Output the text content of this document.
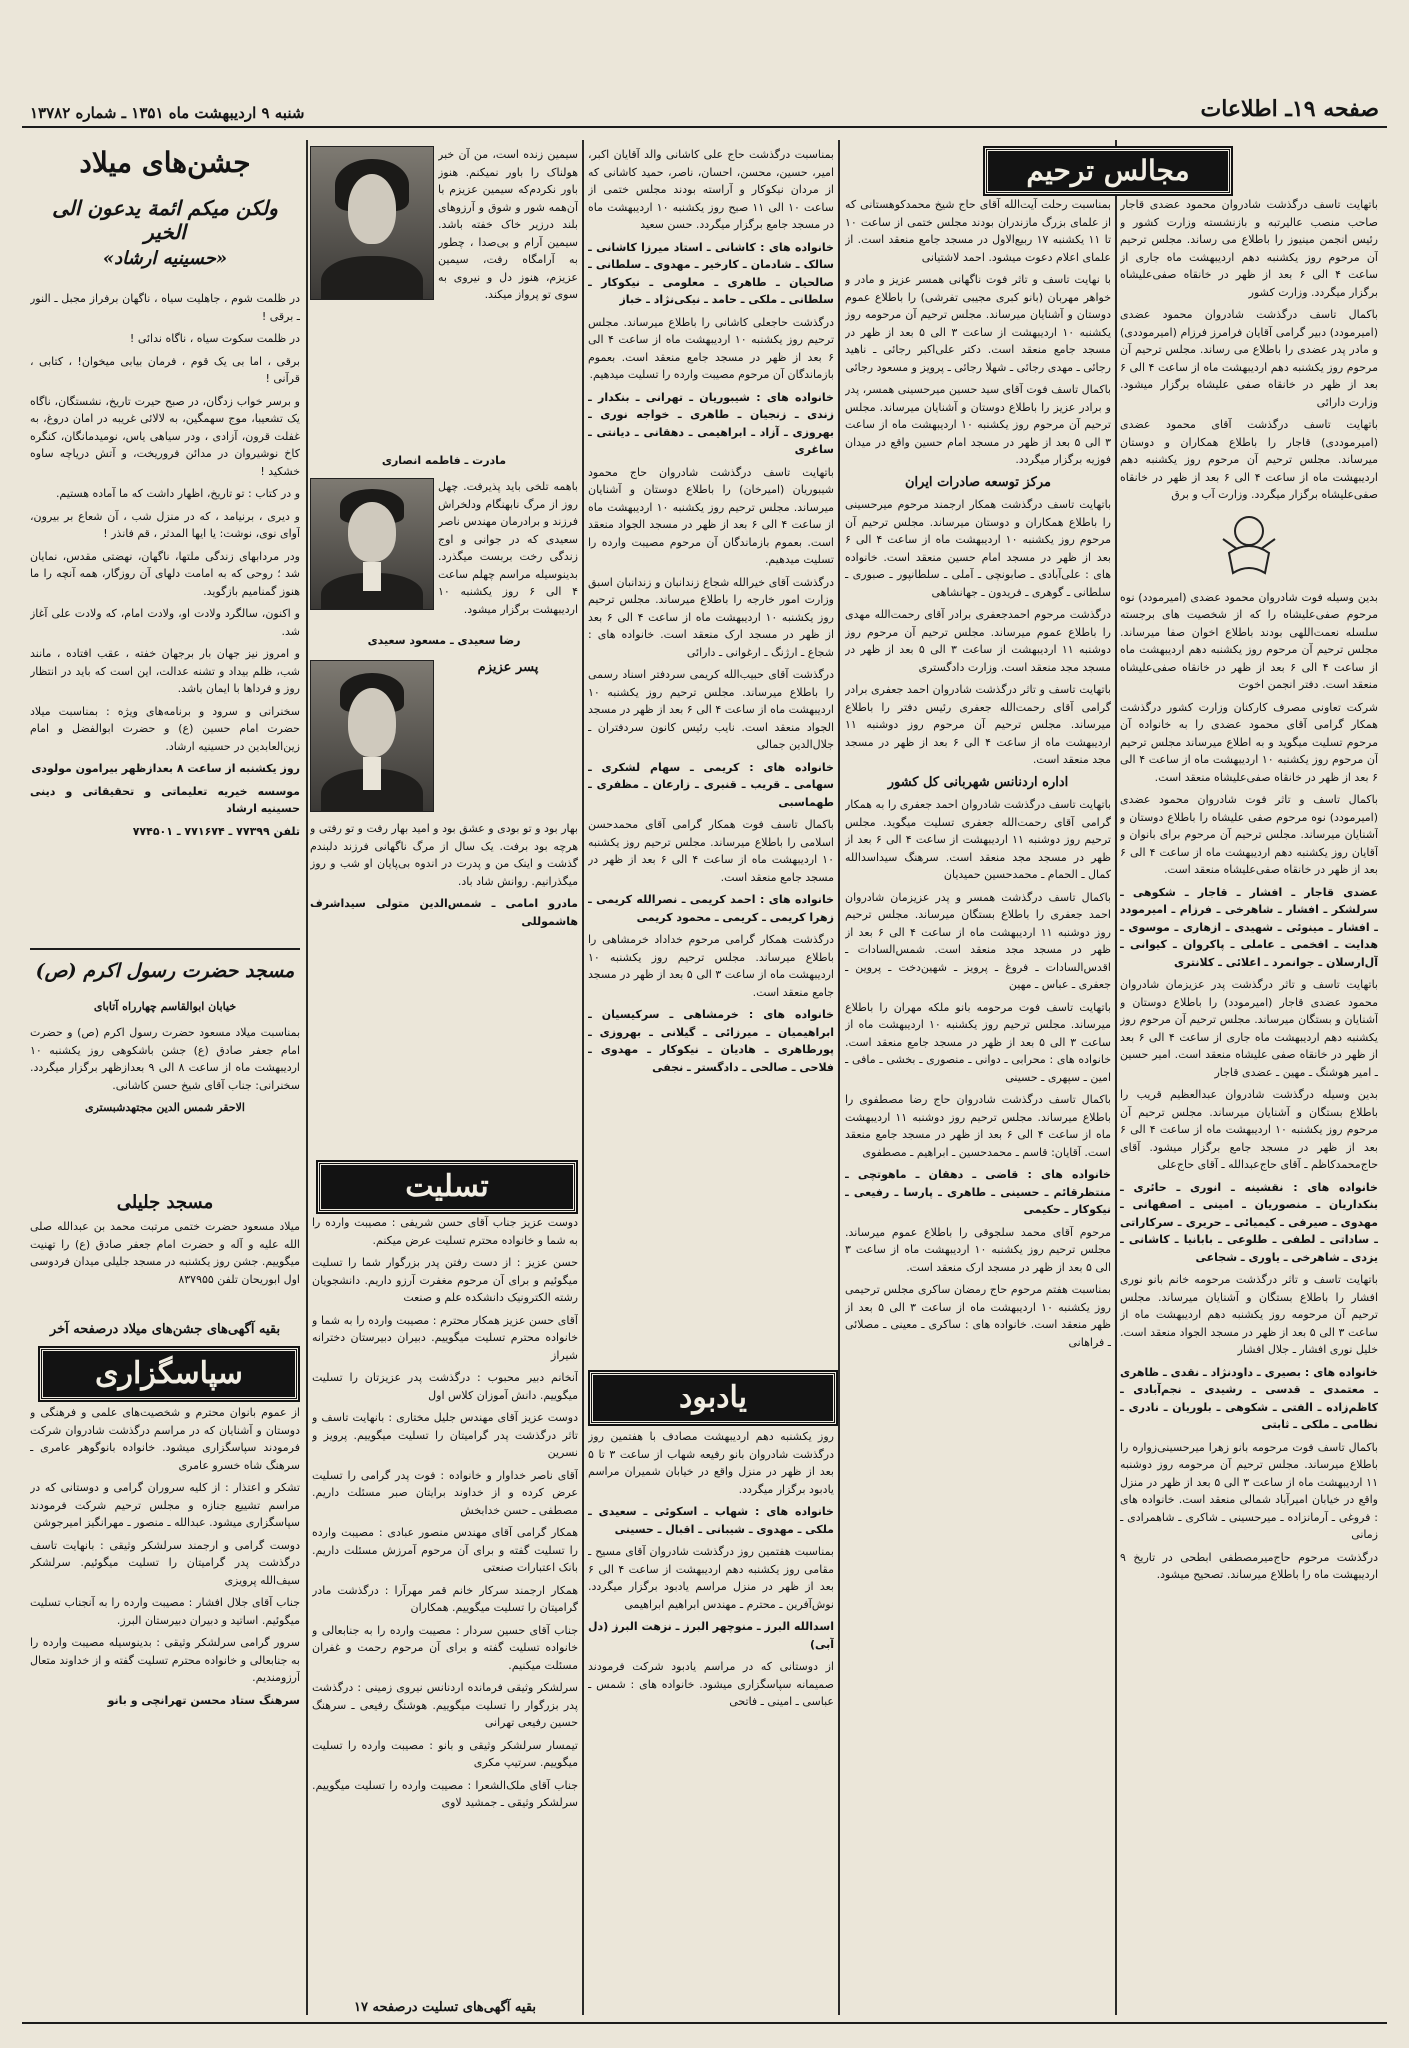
صفحه ۱۹ـ اطلاعات
شنبه ۹ اردیبهشت ماه ۱۳۵۱ ـ شماره ۱۳۷۸۲

باتهایت تاسف درگذشت شادروان محمود عضدی قاجار صاحب منصب عالیرتبه و بازنشسته وزارت کشور و رئیس انجمن مینیوز را باطلاع می رساند. مجلس ترحیم آن مرحوم روز یکشنبه دهم اردیبهشت ماه جاری از ساعت ۴ الی ۶ بعد از ظهر در خانقاه صفی‌علیشاه برگزار میگردد. وزارت کشور

باکمال تاسف درگذشت شادروان محمود عضدی (امیرمودد) دبیر گرامی آقایان فرامرز فرزام (امیرموددی) و مادر پدر عضدی را باطلاع می رساند. مجلس ترحیم آن مرحوم روز یکشنبه دهم اردیبهشت ماه از ساعت ۴ الی ۶ بعد از ظهر در خانقاه صفی علیشاه برگزار میشود. وزارت دارائی

باتهایت تاسف درگذشت آقای محمود عضدی (امیرموددی) قاجار را باطلاع همکاران و دوستان میرساند. مجلس ترحیم آن مرحوم روز یکشنبه دهم اردیبهشت ماه از ساعت ۴ الی ۶ بعد از ظهر در خانقاه صفی‌علیشاه برگزار میگردد. وزارت آب و برق

بدین وسیله فوت شادروان محمود عضدی (امیرمودد) نوه مرحوم صفی‌علیشاه را که از شخصیت های برجسته سلسله نعمت‌اللهی بودند باطلاع اخوان صفا میرساند. مجلس ترحیم آن مرحوم روز یکشنبه دهم اردیبهشت ماه از ساعت ۴ الی ۶ بعد از ظهر در خانقاه صفی‌علیشاه منعقد است. دفتر انجمن اخوت

شرکت تعاونی مصرف کارکنان وزارت کشور درگذشت همکار گرامی آقای محمود عضدی را به خانواده آن مرحوم تسلیت میگوید و به اطلاع میرساند مجلس ترحیم آن مرحوم روز یکشنبه ۱۰ اردیبهشت ماه از ساعت ۴ الی ۶ بعد از ظهر در خانقاه صفی‌علیشاه منعقد است.

باکمال تاسف و تاثر فوت شادروان محمود عضدی (امیرمودد) نوه مرحوم صفی علیشاه را باطلاع دوستان و آشنایان میرساند. مجلس ترحیم آن مرحوم برای بانوان و آقایان روز یکشنبه دهم اردیبهشت ماه از ساعت ۴ الی ۶ بعد از ظهر در خانقاه صفی‌علیشاه منعقد است.

عضدی قاجار ـ افشار ـ قاجار ـ شکوهی ـ سرلشکر ـ افشار ـ شاهرخی ـ فرزام ـ امیرمودد ـ افشار ـ مینوئی ـ شهیدی ـ ازهاری ـ موسوی ـ هدایت ـ افخمی ـ عاملی ـ پاکروان ـ کیوانی ـ آل‌ارسلان ـ جوانمرد ـ اعلائی ـ کلانتری

باتهایت تاسف و تاثر درگذشت پدر عزیزمان شادروان محمود عضدی قاجار (امیرمودد) را باطلاع دوستان و آشنایان و بستگان میرساند. مجلس ترحیم آن مرحوم روز یکشنبه دهم اردیبهشت ماه جاری از ساعت ۴ الی ۶ بعد از ظهر در خانقاه صفی علیشاه منعقد است. امیر حسین ـ امیر هوشنگ ـ مهین ـ عضدی قاجار

بدین وسیله درگذشت شادروان عبدالعظیم قریب را باطلاع بستگان و آشنایان میرساند. مجلس ترحیم آن مرحوم روز یکشنبه ۱۰ اردیبهشت ماه از ساعت ۴ الی ۶ بعد از ظهر در مسجد جامع برگزار میشود. آقای حاج‌محمدکاظم ـ آقای حاج‌عبدالله ـ آقای حاج‌علی

خانواده های : نقشینه ـ انوری ـ حائری ـ بنکداریان ـ منصوریان ـ امینی ـ اصفهانی ـ مهدوی ـ صیرفی ـ کیمیائی ـ حریری ـ سرکاراتی ـ ساداتی ـ لطفی ـ طلوعی ـ بابانیا ـ کاشانی ـ یزدی ـ شاهرخی ـ یاوری ـ شجاعی

باتهایت تاسف و تاثر درگذشت مرحومه خانم بانو نوری افشار را باطلاع بستگان و آشنایان میرساند. مجلس ترحیم آن مرحومه روز یکشنبه دهم اردیبهشت ماه از ساعت ۳ الی ۵ بعد از ظهر در مسجد الجواد منعقد است. خلیل نوری افشار ـ جلال افشار

خانواده های : بصیری ـ داودنژاد ـ نقدی ـ ظاهری ـ معتمدی ـ قدسی ـ رشیدی ـ نجم‌آبادی ـ کاظم‌زاده ـ الفتی ـ شکوهی ـ بلوریان ـ نادری ـ نظامی ـ ملکی ـ ثابتی

باکمال تاسف فوت مرحومه بانو زهرا میرحسینی‌زواره را باطلاع میرساند. مجلس ترحیم آن مرحومه روز دوشنبه ۱۱ اردیبهشت ماه از ساعت ۳ الی ۵ بعد از ظهر در منزل واقع در خیابان امیرآباد شمالی منعقد است. خانواده های : فروغی ـ آرمانزاده ـ میرحسینی ـ شاکری ـ شاهمرادی ـ زمانی

درگذشت مرحوم حاج‌میرمصطفی ابطحی در تاریخ ۹ اردیبهشت ماه را باطلاع میرساند. تصحیح میشود.

مجالس ترحیم

بمناسبت رحلت آیت‌الله آقای حاج شیخ محمدکوهستانی که از علمای بزرگ مازندران بودند مجلس ختمی از ساعت ۱۰ تا ۱۱ یکشنبه ۱۷ ربیع‌الاول در مسجد جامع منعقد است. از علمای اعلام دعوت میشود. احمد لاشتیانی

با نهایت تاسف و تاثر فوت ناگهانی همسر عزیز و مادر و خواهر مهربان (بانو کبری مجیبی تفرشی) را باطلاع عموم دوستان و آشنایان میرساند. مجلس ترحیم آن مرحومه روز یکشنبه ۱۰ اردیبهشت از ساعت ۳ الی ۵ بعد از ظهر در مسجد جامع منعقد است. دکتر علی‌اکبر رجائی ـ ناهید رجائی ـ مهدی رجائی ـ شهلا رجائی ـ پرویز و مسعود رجائی

باکمال تاسف فوت آقای سید حسین میرحسینی همسر، پدر و برادر عزیز را باطلاع دوستان و آشنایان میرساند. مجلس ترحیم آن مرحوم روز یکشنبه ۱۰ اردیبهشت ماه از ساعت ۳ الی ۵ بعد از ظهر در مسجد امام حسین واقع در میدان فوزیه برگزار میگردد.

مرکز توسعه صادرات ایران

باتهایت تاسف درگذشت همکار ارجمند مرحوم میرحسینی را باطلاع همکاران و دوستان میرساند. مجلس ترحیم آن مرحوم روز یکشنبه ۱۰ اردیبهشت ماه از ساعت ۴ الی ۶ بعد از ظهر در مسجد امام حسین منعقد است. خانواده های : علی‌آبادی ـ صابونچی ـ آملی ـ سلطانپور ـ صبوری ـ سلطانی ـ گوهری ـ فریدون ـ جهانشاهی

درگذشت مرحوم احمدجعفری برادر آقای رحمت‌الله مهدی را باطلاع عموم میرساند. مجلس ترحیم آن مرحوم روز دوشنبه ۱۱ اردیبهشت از ساعت ۳ الی ۵ بعد از ظهر در مسجد مجد منعقد است. وزارت دادگستری

باتهایت تاسف و تاثر درگذشت شادروان احمد جعفری برادر گرامی آقای رحمت‌الله جعفری رئیس دفتر را باطلاع میرساند. مجلس ترحیم آن مرحوم روز دوشنبه ۱۱ اردیبهشت ماه از ساعت ۴ الی ۶ بعد از ظهر در مسجد مجد منعقد است.

اداره اردنانس شهربانی کل کشور

باتهایت تاسف درگذشت شادروان احمد جعفری را به همکار گرامی آقای رحمت‌الله جعفری تسلیت میگوید. مجلس ترحیم روز دوشنبه ۱۱ اردیبهشت از ساعت ۴ الی ۶ بعد از ظهر در مسجد مجد منعقد است. سرهنگ سیداسدالله کمال ـ الحمام ـ محمدحسین حمیدیان

باکمال تاسف درگذشت همسر و پدر عزیزمان شادروان احمد جعفری را باطلاع بستگان میرساند. مجلس ترحیم روز دوشنبه ۱۱ اردیبهشت ماه از ساعت ۴ الی ۶ بعد از ظهر در مسجد مجد منعقد است. شمس‌السادات ـ اقدس‌السادات ـ فروغ ـ پرویز ـ شهین‌دخت ـ پروین ـ جعفری ـ عباس ـ مهین

باتهایت تاسف فوت مرحومه بانو ملکه مهران را باطلاع میرساند. مجلس ترحیم روز یکشنبه ۱۰ اردیبهشت ماه از ساعت ۳ الی ۵ بعد از ظهر در مسجد جامع منعقد است. خانواده های : محرابی ـ دوانی ـ منصوری ـ بخشی ـ مافی ـ امین ـ سپهری ـ حسینی

باکمال تاسف درگذشت شادروان حاج رضا مصطفوی را باطلاع میرساند. مجلس ترحیم روز دوشنبه ۱۱ اردیبهشت ماه از ساعت ۴ الی ۶ بعد از ظهر در مسجد جامع منعقد است. آقایان: قاسم ـ محمدحسین ـ ابراهیم ـ مصطفوی

خانواده های : قاضی ـ دهقان ـ ماهوتچی ـ منتظرقائم ـ حسینی ـ طاهری ـ پارسا ـ رفیعی ـ نیکوکار ـ حکیمی

مرحوم آقای محمد سلجوقی را باطلاع عموم میرساند. مجلس ترحیم روز یکشنبه ۱۰ اردیبهشت ماه از ساعت ۳ الی ۵ بعد از ظهر در مسجد ارک منعقد است.

بمناسبت هفتم مرحوم حاج رمضان ساکری مجلس ترحیمی روز یکشنبه ۱۰ اردیبهشت ماه از ساعت ۳ الی ۵ بعد از ظهر منعقد است. خانواده های : ساکری ـ معینی ـ مصلائی ـ فراهانی

بمناسبت درگذشت حاج علی کاشانی والد آقایان اکبر، امیر، حسین، محسن، احسان، ناصر، حمید کاشانی که از مردان نیکوکار و آراسته بودند مجلس ختمی از ساعت ۱۰ الی ۱۱ صبح روز یکشنبه ۱۰ اردیبهشت ماه در مسجد جامع برگزار میگردد. حسن سعید

خانواده های : کاشانی ـ استاد میرزا کاشانی ـ سالک ـ شادمان ـ کارخیر ـ مهدوی ـ سلطانی ـ صالحیان ـ طاهری ـ معلومی ـ نیکوکار ـ سلطانی ـ ملکی ـ حامد ـ نیکی‌نژاد ـ خباز

درگذشت حاجعلی کاشانی را باطلاع میرساند. مجلس ترحیم روز یکشنبه ۱۰ اردیبهشت ماه از ساعت ۴ الی ۶ بعد از ظهر در مسجد جامع منعقد است. بعموم بازماندگان آن مرحوم مصیبت وارده را تسلیت میدهیم.

خانواده های : شیبوریان ـ تهرانی ـ بنکدار ـ زندی ـ زنجیان ـ طاهری ـ خواجه نوری ـ بهروزی ـ آزاد ـ ابراهیمی ـ دهقانی ـ دیانتی ـ ساغری

باتهایت تاسف درگذشت شادروان حاج محمود شیبوریان (امیرخان) را باطلاع دوستان و آشنایان میرساند. مجلس ترحیم روز یکشنبه ۱۰ اردیبهشت ماه از ساعت ۴ الی ۶ بعد از ظهر در مسجد الجواد منعقد است. بعموم بازماندگان آن مرحوم مصیبت وارده را تسلیت میدهیم.

درگذشت آقای خیرالله شجاع زندانبان و زندانبان اسبق وزارت امور خارجه را باطلاع میرساند. مجلس ترحیم روز یکشنبه ۱۰ اردیبهشت ماه از ساعت ۴ الی ۶ بعد از ظهر در مسجد ارک منعقد است. خانواده های : شجاع ـ ارژنگ ـ ارغوانی ـ دارائی

درگذشت آقای حبیب‌الله کریمی سردفتر اسناد رسمی را باطلاع میرساند. مجلس ترحیم روز یکشنبه ۱۰ اردیبهشت ماه از ساعت ۴ الی ۶ بعد از ظهر در مسجد الجواد منعقد است. نایب رئیس کانون سردفتران ـ جلال‌الدین جمالی

خانواده های : کریمی ـ سهام لشکری ـ سهامی ـ قریب ـ قنبری ـ زارعان ـ مظفری ـ طهماسبی

باکمال تاسف فوت همکار گرامی آقای محمدحسن اسلامی را باطلاع میرساند. مجلس ترحیم روز یکشنبه ۱۰ اردیبهشت ماه از ساعت ۴ الی ۶ بعد از ظهر در مسجد جامع منعقد است.

خانواده های : احمد کریمی ـ نصرالله کریمی ـ زهرا کریمی ـ کریمی ـ محمود کریمی

درگذشت همکار گرامی مرحوم خداداد خرمشاهی را باطلاع میرساند. مجلس ترحیم روز یکشنبه ۱۰ اردیبهشت ماه از ساعت ۳ الی ۵ بعد از ظهر در مسجد جامع منعقد است.

خانواده های : خرمشاهی ـ سرکیسیان ـ ابراهیمیان ـ میرزائی ـ گیلانی ـ بهروزی ـ پورطاهری ـ هادیان ـ نیکوکار ـ مهدوی ـ فلاحی ـ صالحی ـ دادگستر ـ نجفی

یادبود

روز یکشنبه دهم اردیبهشت مصادف با هفتمین روز درگذشت شادروان بانو رفیعه شهاب از ساعت ۳ تا ۵ بعد از ظهر در منزل واقع در خیابان شمیران مراسم یادبود برگزار میگردد.

خانواده های : شهاب ـ اسکوئی ـ سعیدی ـ ملکی ـ مهدوی ـ شیبانی ـ اقبال ـ حسینی

بمناسبت هفتمین روز درگذشت شادروان آقای مسیح ـ مقامی روز یکشنبه دهم اردیبهشت از ساعت ۴ الی ۶ بعد از ظهر در منزل مراسم یادبود برگزار میگردد. نوش‌آفرین ـ محترم ـ مهندس ابراهیم ابراهیمی

اسدالله البرز ـ منوچهر البرز ـ نزهت البرز (دل آبی)

از دوستانی که در مراسم یادبود شرکت فرمودند صمیمانه سپاسگزاری میشود. خانواده های : شمس ـ عباسی ـ امینی ـ فاتحی

سیمین زنده است، من آن خبر هولناک را باور نمیکنم. هنوز باور نکردم‌که سیمین عزیزم با آن‌همه شور و شوق و آرزوهای بلند درزیر خاک خفته باشد. سیمین‌ آرام و بی‌صدا ، چطور به آرامگاه رفت، سیمین عزیزم، هنوز دل و نیروی به سوی تو پرواز میکند.

مادرت ـ فاطمه انصاری

باهمه تلخی باید پذیرفت. چهل روز از مرگ نابهنگام ودلخراش فرزند و برادرمان مهندس ناصر سعیدی که در جوانی و اوج زندگی رخت بربست میگذرد. بدینوسیله مراسم چهلم ساعت ۴ الی ۶ روز یکشنبه ۱۰ اردیبهشت برگزار میشود.

رضا سعیدی ـ مسعود سعیدی
پسر عزیزم

بهار بود و تو بودی و عشق بود و امید بهار رفت و تو رفتی و هرچه بود برفت. یک سال از مرگ ناگهانی فرزند دلبندم گذشت و اینک من و پدرت در اندوه بی‌پایان او شب و روز میگذرانیم. روانش شاد باد.

مادرو امامی ـ شمس‌الدین متولی سیداشرف هاشموللی

تسلیت

دوست عزیز جناب آقای حسن شریفی : مصیبت وارده را به شما و خانواده محترم تسلیت عرض میکنم.

حسن عزیز : از دست رفتن پدر بزرگوار شما را تسلیت میگوئیم و برای آن مرحوم مغفرت آرزو داریم. دانشجویان رشته الکترونیک دانشکده علم و صنعت

آقای حسن عزیز همکار محترم : مصیبت وارده را به شما و خانواده محترم تسلیت میگوییم. دبیران دبیرستان دخترانه شیراز

آنخانم دبیر محبوب : درگذشت پدر عزیزتان را تسلیت میگوییم. دانش آموزان کلاس اول

دوست عزیز آقای مهندس جلیل مختاری : بانهایت تاسف و تاثر درگذشت پدر گرامیتان را تسلیت میگوییم. پرویز و نسرین

آقای ناصر خداوار و خانواده : فوت پدر گرامی را تسلیت عرض کرده و از خداوند برایتان صبر مسئلت داریم. مصطفی ـ حسن خدابخش

همکار گرامی آقای مهندس منصور عبادی : مصیبت وارده را تسلیت گفته و برای آن مرحوم آمرزش مسئلت داریم. بانک اعتبارات صنعتی

همکار ارجمند سرکار خانم قمر مهرآرا : درگذشت مادر گرامیتان را تسلیت میگوییم. همکاران

جناب آقای حسین سردار : مصیبت وارده را به جنابعالی و خانواده تسلیت گفته و برای آن مرحوم رحمت و غفران مسئلت میکنیم.

سرلشکر وثیقی فرمانده اردنانس نیروی زمینی : درگذشت پدر بزرگوار را تسلیت میگوییم. هوشنگ رفیعی ـ سرهنگ حسین رفیعی تهرانی

تیمسار سرلشکر وثیقی و بانو : مصیبت وارده را تسلیت میگوییم. سرتیپ مکری

جناب آقای ملک‌الشعرا : مصیبت وارده را تسلیت میگوییم. سرلشکر وثیقی ـ جمشید لاوی

بقیه آگهی‌های تسلیت درصفحه ۱۷
جشن‌های میلاد
ولکن میکم ائمة یدعون الی الخیر
«حسینیه ارشاد»

در ظلمت شوم ، جاهلیت سیاه ، ناگهان برفراز مجبل ـ النور ـ برقی !

در ظلمت سکوت سیاه ، ناگاه ندائی !

برقی ، اما بی یک قوم ، فرمان بیابی میخوان! ، کتابی ، قرآنی !

و برسر خواب زدگان، در صبح حیرت تاریخ، نشستگان، ناگاه یک تشعیبا، موج سهمگین، به لالائی غریبه در امان دروغ، به غفلت قرون، آزادی ، ودر سیاهی یاس، نومیدمانگان، کنگره کاخ نوشیروان در مدائن فروریخت، و آتش دریاچه ساوه خشکید !

و در کتاب : تو تاریخ، اظهار داشت که ما آماده هستیم.

و دیری ، برنیامد ، که در منزل شب ، آن شعاع بر بیرون، آوای نوی، نوشت: یا ایها المدثر ، قم فانذر !

ودر مردابهای زندگی ملتها، ناگهان، نهضتی مقدس، نمایان شد ؛ روحی که به امامت دلهای آن روزگار، همه آنچه را ما هنوز گمنامیم بازگوید.

و اکنون، سالگرد ولادت او، ولادت امام، که ولادت علی آغاز شد.

و امروز نیز جهان بار برجهان خفته ، عقب افتاده ، مانند شب، ظلم بیداد و تشنه عدالت، این است که باید در انتظار روز و فرداها با ایمان باشد.

سخنرانی و سرود و برنامه‌های ویژه : بمناسبت میلاد حضرت امام حسین (ع) و حضرت ابوالفضل و امام زین‌العابدین در حسینیه ارشاد.

روز یکشنبه از ساعت ۸ بعدازظهر بیرامون مولودی

موسسه خیریه تعلیماتی و تحقیقاتی و دینی حسینیه ارشاد

تلفن ۷۷۳۹۹ ـ ۷۷۱۶۷۴ ـ ۷۷۴۵۰۱

مسجد حضرت رسول اکرم (ص)
خیابان ابوالقاسم چهارراه آتابای

بمناسبت میلاد مسعود حضرت رسول اکرم (ص) و حضرت امام جعفر صادق (ع) جشن باشکوهی روز یکشنبه ۱۰ اردیبهشت ماه از ساعت ۸ الی ۹ بعدازظهر برگزار میگردد. سخنرانی: جناب آقای شیخ حسن کاشانی.

الاحقر شمس الدین مجتهدشبستری

مسجد جلیلی

میلاد مسعود حضرت ختمی مرتبت محمد بن عبدالله صلی الله علیه و آله و حضرت امام جعفر صادق (ع) را تهنیت میگوییم. جشن روز یکشنبه در مسجد جلیلی میدان فردوسی اول ابوریحان تلفن ۸۳۷۹۵۵

بقیه آگهی‌های جشن‌های میلاد درصفحه آخر
سپاسگزاری

از عموم بانوان محترم و شخصیت‌های علمی و فرهنگی و دوستان و آشنایان که در مراسم درگذشت شادروان شرکت فرمودند سپاسگزاری میشود. خانواده بانوگوهر عامری ـ سرهنگ شاه خسرو عامری

تشکر و اعتذار : از کلیه سروران گرامی و دوستانی که در مراسم تشییع جنازه و مجلس ترحیم شرکت فرمودند سپاسگزاری میشود. عبدالله ـ منصور ـ مهرانگیز امیرجوشن

دوست گرامی و ارجمند سرلشکر وثیقی : بانهایت تاسف درگذشت پدر گرامیتان را تسلیت میگوئیم. سرلشکر سیف‌الله پرویزی

جناب آقای جلال افشار : مصیبت وارده را به آنجناب تسلیت میگوئیم. اساتید و دبیران دبیرستان البرز.

سرور گرامی سرلشکر وثیقی : بدینوسیله مصیبت وارده را به جنابعالی و خانواده محترم تسلیت گفته و از خداوند متعال آرزومندیم.

سرهنگ ستاد محسن تهرانچی و بانو
